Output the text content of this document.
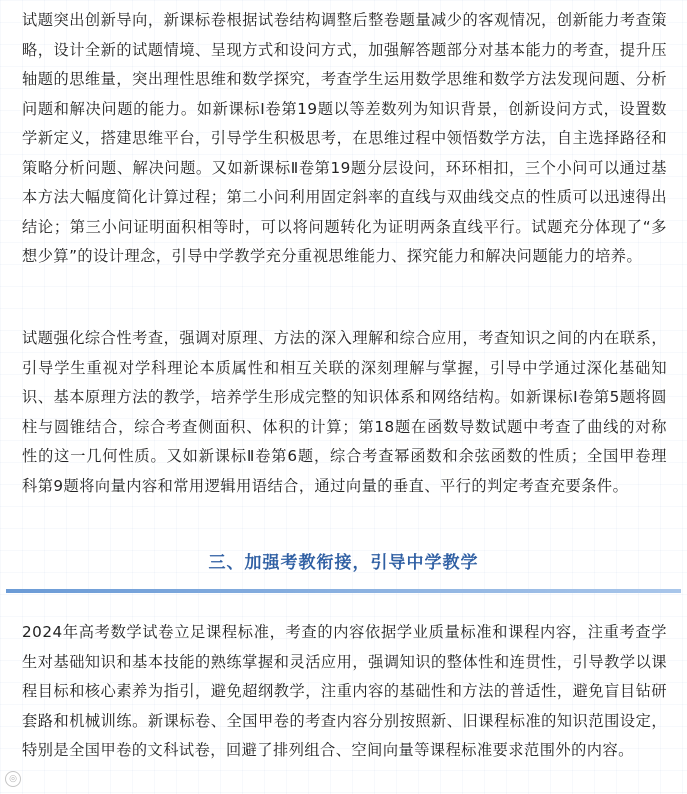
试题突出创新导向，新课标卷根据试卷结构调整后整卷题量减少的客观情况，创新能力考查策略，设计全新的试题情境、呈现方式和设问方式，加强解答题部分对基本能力的考查，提升压轴题的思维量，突出理性思维和数学探究，考查学生运用数学思维和数学方法发现问题、分析问题和解决问题的能力。如新课标Ⅰ卷第19题以等差数列为知识背景，创新设问方式，设置数学新定义，搭建思维平台，引导学生积极思考，在思维过程中领悟数学方法，自主选择路径和策略分析问题、解决问题。又如新课标Ⅱ卷第19题分层设问，环环相扣，三个小问可以通过基本方法大幅度简化计算过程；第二小问利用固定斜率的直线与双曲线交点的性质可以迅速得出结论；第三小问证明面积相等时，可以将问题转化为证明两条直线平行。试题充分体现了“多想少算”的设计理念，引导中学教学充分重视思维能力、探究能力和解决问题能力的培养。

试题强化综合性考查，强调对原理、方法的深入理解和综合应用，考查知识之间的内在联系，引导学生重视对学科理论本质属性和相互关联的深刻理解与掌握，引导中学通过深化基础知识、基本原理方法的教学，培养学生形成完整的知识体系和网络结构。如新课标Ⅰ卷第5题将圆柱与圆锥结合，综合考查侧面积、体积的计算；第18题在函数导数试题中考查了曲线的对称性的这一几何性质。又如新课标Ⅱ卷第6题，综合考查幂函数和余弦函数的性质；全国甲卷理科第9题将向量内容和常用逻辑用语结合，通过向量的垂直、平行的判定考查充要条件。

三、加强考教衔接，引导中学教学

2024年高考数学试卷立足课程标准，考查的内容依据学业质量标准和课程内容，注重考查学生对基础知识和基本技能的熟练掌握和灵活应用，强调知识的整体性和连贯性，引导教学以课程目标和核心素养为指引，避免超纲教学，注重内容的基础性和方法的普适性，避免盲目钻研套路和机械训练。新课标卷、全国甲卷的考查内容分别按照新、旧课程标准的知识范围设定，特别是全国甲卷的文科试卷，回避了排列组合、空间向量等课程标准要求范围外的内容。

◎
